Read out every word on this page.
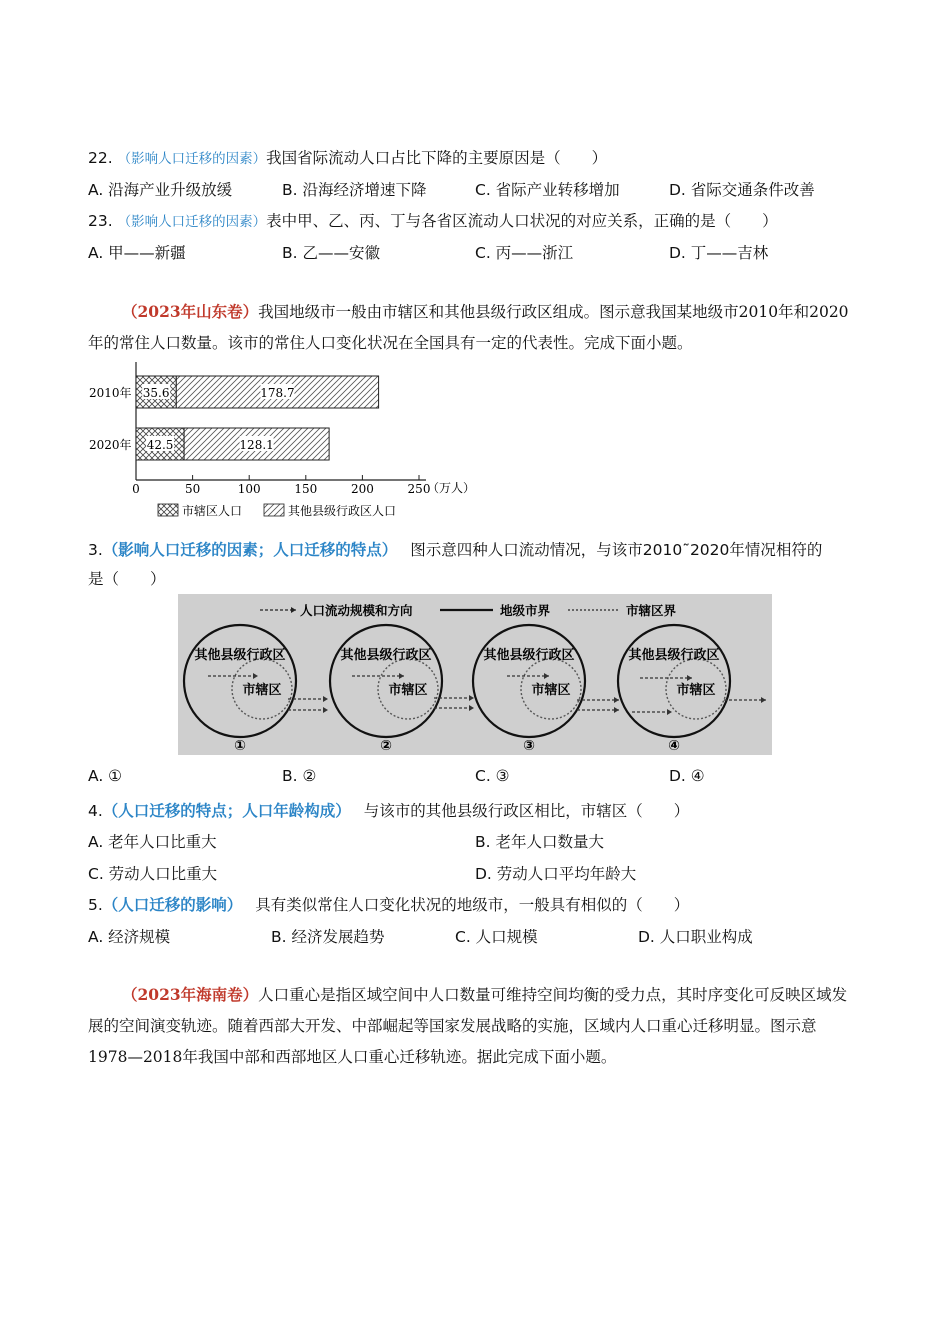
22. （影响人口迁移的因素）我国省际流动人口占比下降的主要原因是（　　）
A. 沿海产业升级放缓	B. 沿海经济增速下降	C. 省际产业转移增加	D. 省际交通条件改善
23. （影响人口迁移的因素）表中甲、乙、丙、丁与各省区流动人口状况的对应关系，正确的是（　　）
A. 甲——新疆	B. 乙——安徽	C. 丙——浙江	D. 丁——吉林
（2023年山东卷）我国地级市一般由市辖区和其他县级行政区组成。图示意我国某地级市2010年和2020年的常住人口数量。该市的常住人口变化状况在全国具有一定的代表性。完成下面小题。
2010年 35.6	178.7
2020年 42.5	128.1
0	50	100	150	200	250
（万人）
市辖区人口	其他县级行政区人口
3.（影响人口迁移的因素；人口迁移的特点） 图示意四种人口流动情况，与该市2010˜2020年情况相符的
是（　　）
人口流动规模和方向	地级市界	市辖区界
其他县级行政区
市辖区
①
其他县级行政区
市辖区
②
其他县级行政区
市辖区
③
其他县级行政区
市辖区
④
A. ①	B. ②	C. ③	D. ④
4.（人口迁移的特点；人口年龄构成） 与该市的其他县级行政区相比，市辖区（　　）
A. 老年人口比重大	B. 老年人口数量大
C. 劳动人口比重大	D. 劳动人口平均年龄大
5.（人口迁移的影响） 具有类似常住人口变化状况的地级市，一般具有相似的（　　）
A. 经济规模	B. 经济发展趋势	C. 人口规模	D. 人口职业构成
（2023年海南卷）人口重心是指区域空间中人口数量可维持空间均衡的受力点，其时序变化可反映区域发展的空间演变轨迹。随着西部大开发、中部崛起等国家发展战略的实施，区域内人口重心迁移明显。图示意1978—2018年我国中部和西部地区人口重心迁移轨迹。据此完成下面小题。
